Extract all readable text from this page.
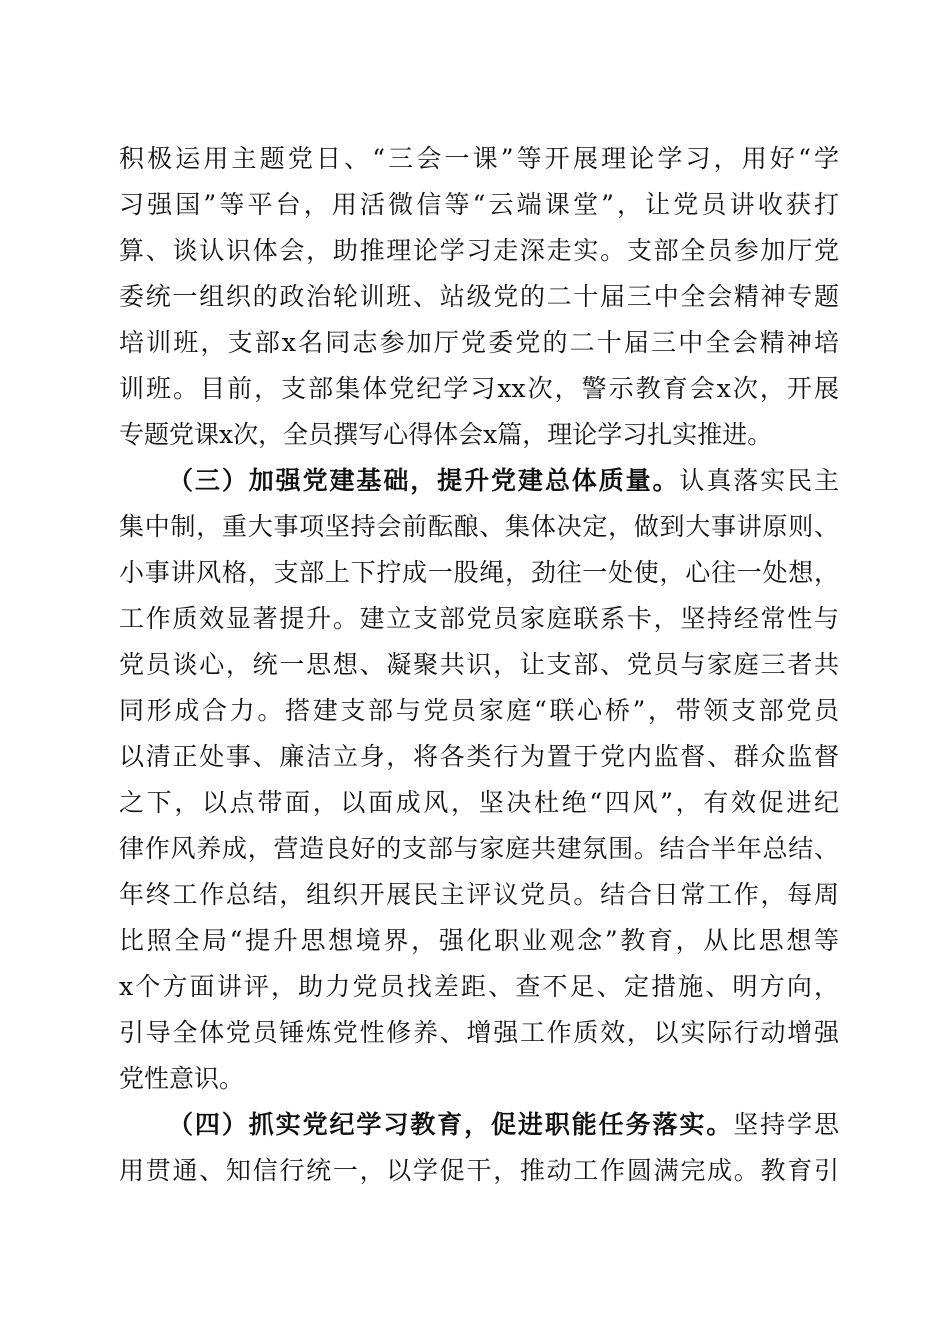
积极运用主题党日、“三会一课”等开展理论学习，用好“学
习强国”等平台，用活微信等“云端课堂”，让党员讲收获打
算、谈认识体会，助推理论学习走深走实。支部全员参加厅党
委统一组织的政治轮训班、站级党的二十届三中全会精神专题
培训班，支部x名同志参加厅党委党的二十届三中全会精神培
训班。目前，支部集体党纪学习xx次，警示教育会x次，开展
专题党课x次，全员撰写心得体会x篇，理论学习扎实推进。
（三）加强党建基础，提升党建总体质量。认真落实民主
集中制，重大事项坚持会前酝酿、集体决定，做到大事讲原则、
小事讲风格，支部上下拧成一股绳，劲往一处使，心往一处想，
工作质效显著提升。建立支部党员家庭联系卡，坚持经常性与
党员谈心，统一思想、凝聚共识，让支部、党员与家庭三者共
同形成合力。搭建支部与党员家庭“联心桥”，带领支部党员
以清正处事、廉洁立身，将各类行为置于党内监督、群众监督
之下，以点带面，以面成风，坚决杜绝“四风”，有效促进纪
律作风养成，营造良好的支部与家庭共建氛围。结合半年总结、
年终工作总结，组织开展民主评议党员。结合日常工作，每周
比照全局“提升思想境界，强化职业观念”教育，从比思想等
x个方面讲评，助力党员找差距、查不足、定措施、明方向，
引导全体党员锤炼党性修养、增强工作质效，以实际行动增强
党性意识。
（四）抓实党纪学习教育，促进职能任务落实。坚持学思
用贯通、知信行统一，以学促干，推动工作圆满完成。教育引
